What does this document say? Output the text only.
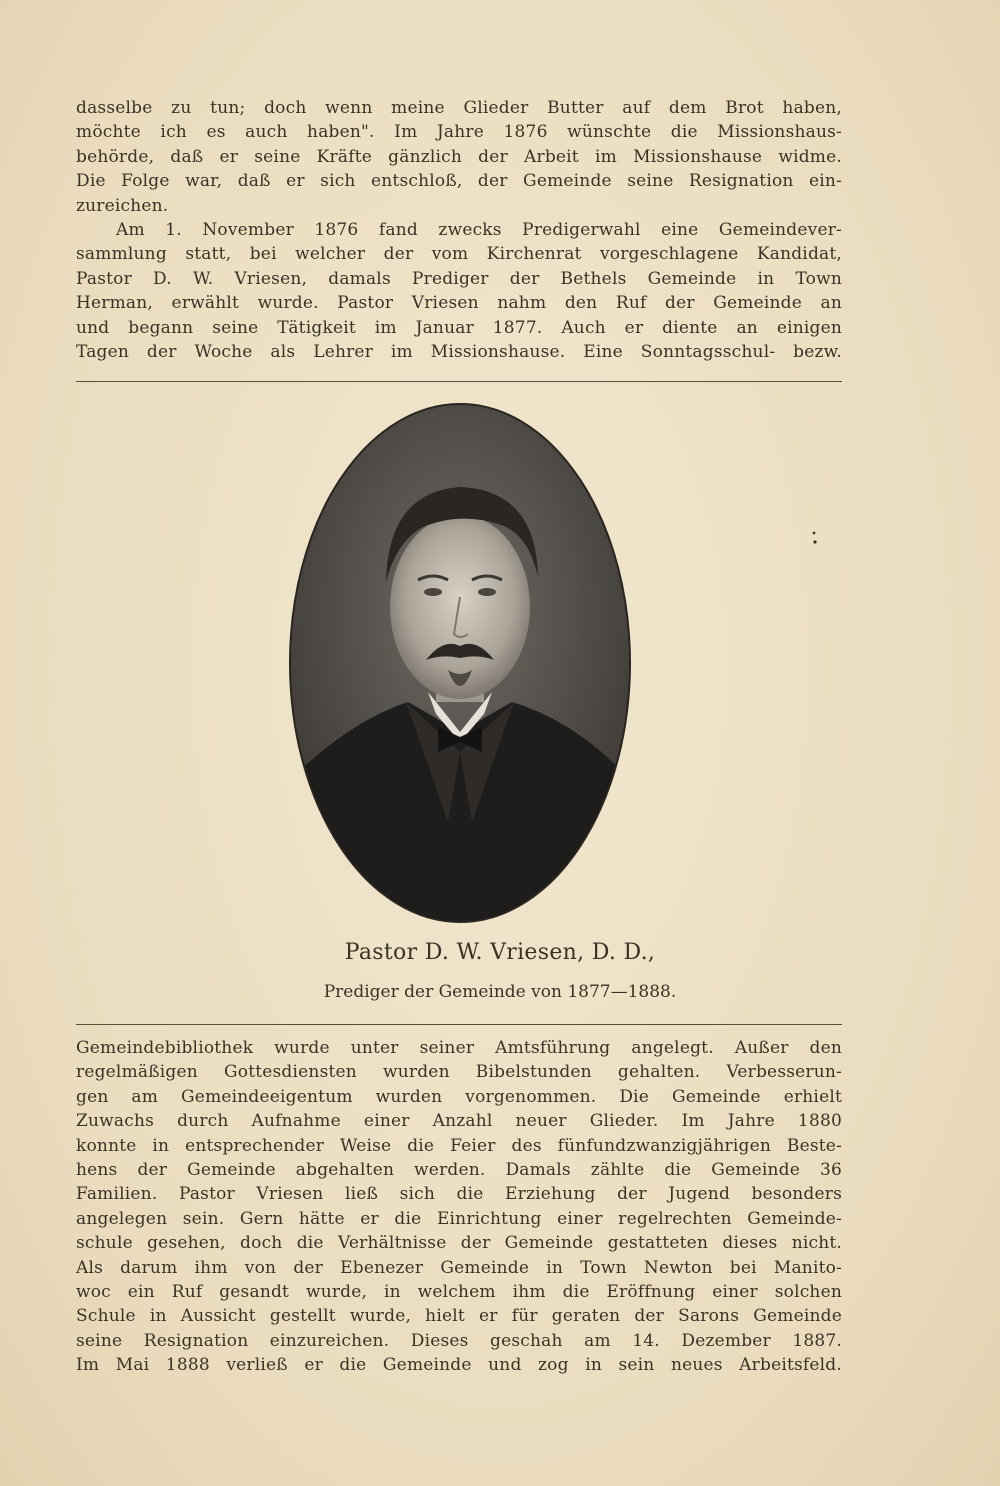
dasselbe zu tun; doch wenn meine Glieder Butter auf dem Brot haben,
möchte ich es auch haben". Im Jahre 1876 wünschte die Missionshaus-
behörde, daß er seine Kräfte gänzlich der Arbeit im Missionshause widme.
Die Folge war, daß er sich entschloß, der Gemeinde seine Resignation ein-
zureichen.
Am 1. November 1876 fand zwecks Predigerwahl eine Gemeindever-
sammlung statt, bei welcher der vom Kirchenrat vorgeschlagene Kandidat,
Pastor D. W. Vriesen, damals Prediger der Bethels Gemeinde in Town
Herman, erwählt wurde. Pastor Vriesen nahm den Ruf der Gemeinde an
und begann seine Tätigkeit im Januar 1877. Auch er diente an einigen
Tagen der Woche als Lehrer im Missionshause. Eine Sonntagsschul- bezw.
Pastor D. W. Vriesen, D. D.,
Prediger der Gemeinde von 1877—1888.
Gemeindebibliothek wurde unter seiner Amtsführung angelegt. Außer den
regelmäßigen Gottesdiensten wurden Bibelstunden gehalten. Verbesserun-
gen am Gemeindeeigentum wurden vorgenommen. Die Gemeinde erhielt
Zuwachs durch Aufnahme einer Anzahl neuer Glieder. Im Jahre 1880
konnte in entsprechender Weise die Feier des fünfundzwanzigjährigen Beste-
hens der Gemeinde abgehalten werden. Damals zählte die Gemeinde 36
Familien. Pastor Vriesen ließ sich die Erziehung der Jugend besonders
angelegen sein. Gern hätte er die Einrichtung einer regelrechten Gemeinde-
schule gesehen, doch die Verhältnisse der Gemeinde gestatteten dieses nicht.
Als darum ihm von der Ebenezer Gemeinde in Town Newton bei Manito-
woc ein Ruf gesandt wurde, in welchem ihm die Eröffnung einer solchen
Schule in Aussicht gestellt wurde, hielt er für geraten der Sarons Gemeinde
seine Resignation einzureichen. Dieses geschah am 14. Dezember 1887.
Im Mai 1888 verließ er die Gemeinde und zog in sein neues Arbeitsfeld.
